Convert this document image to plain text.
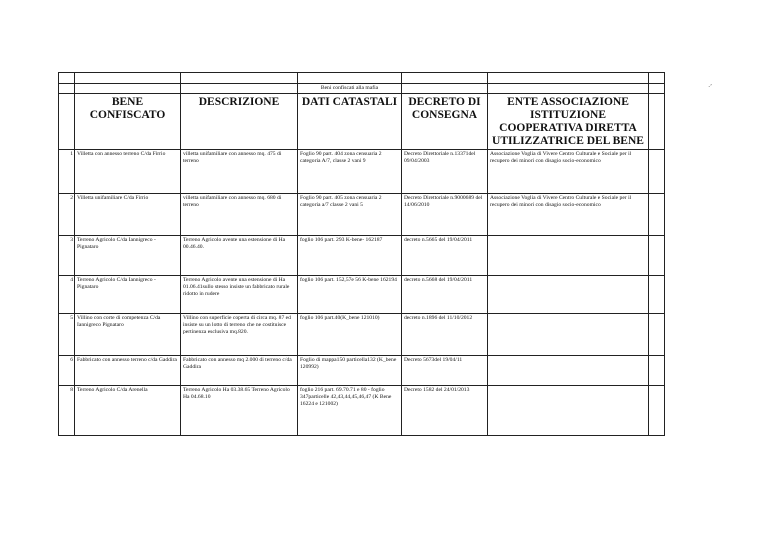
			Beni confiscati alla mafia			
	BENE CONFISCATO	DESCRIZIONE	DATI CATASTALI	DECRETO DI CONSEGNA	ENTE ASSOCIAZIONE ISTITUZIONE COOPERATIVA DIRETTA UTILIZZATRICE DEL BENE	
1	Villetta con annesso terreno C/da Firrio	villetta unifamiliare con annesso mq. 475 di terreno	Foglio 90 part. 404 zona censuaria 2 categoria A/7, classe 2 vani 9	Decreto Direttoriale n.13371del 09/04/2003	Associazione Voglia di Vivere Centro Culturale e Sociale per il recupero dei minori con disagio socio-economico	
2	Villetta unifamiliare C/da Firrio	villetta unifamiliare con annesso mq. 680 di terreno	Foglio 90 part. 405 zona censuaria 2 categoria a/7 classe 2 vani 5	Decreto Direttoriale n.9000689 del 14/06/2010	Associazione Voglia di Vivere Centro Culturale e Sociale per il recupero dei minori con disagio socio-economico	
3	Terreno Agricolo C/da Iannigreco - Pignataro	Terreno Agricolo avente una estensione di Ha 00.46.40.	foglio 106 part. 293 K-bene- 162187	decreto n.5665 del 19/04/2011		
4	Terreno Agricolo C/da Iannigreco - Pignataro	Terreno Agricolo avente una estensione di Ha 01.06.41sullo stesso insiste un fabbricato rurale ridotto in rudere	foglio 106 part. 152,57e 56 K-bene 162194	decreto n.5668 del 19/04/2011		
5	Villino con corte di competenza C/da Iannigreco Pignataro	Villino con superficie coperta di circa mq. 87 ed insiste su un lotto di terreno che ne costituisce pertinenza esclusiva mq.820.	foglio 106 part.40(K_bene 121010)	decreto n.1896 del 11/10/2012		
6	Fabbricato con annesso terreno c/da Gaddira	Fabbricato con annesso mq 2.000 di terreno c/da Gaddira	Foglio di mappa150 particella132 (K_bene 120992)	Decreto 5673del 19/04/11		
8	Terreno Agricolo C/da Arenella	Terreno Agricolo Ha 03.38.65 Terreno Agricolo Ha 04.68.10	foglio 216 part. 69.70.71 e 80 - foglio 347particelle 42,43,44,45,46,47 (K Bene 16224 e 121002)	Decreto 1582 del 24/01/2013		
·′
